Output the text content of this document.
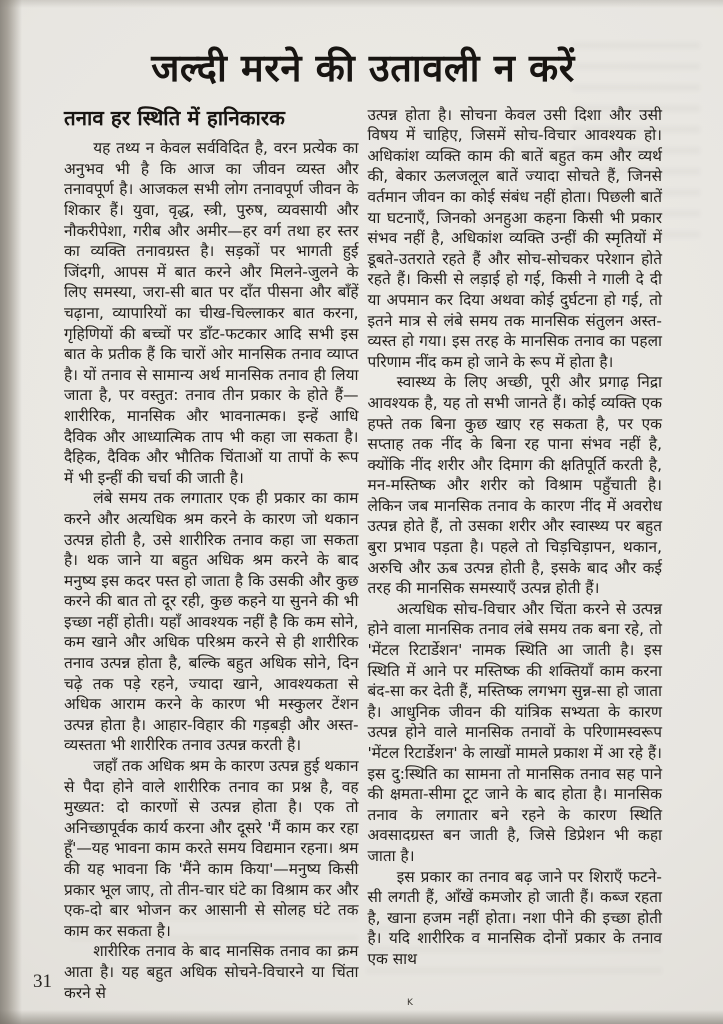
जल्दी मरने की उतावली न करें
तनाव हर स्थिति में हानिकारक

यह तथ्य न केवल सर्वविदित है, वरन प्रत्येक का अनुभव भी है कि आज का जीवन व्यस्त और तनावपूर्ण है। आजकल सभी लोग तनावपूर्ण जीवन के शिकार हैं। युवा, वृद्ध, स्त्री, पुरुष, व्यवसायी और नौकरीपेशा, गरीब और अमीर—हर वर्ग तथा हर स्तर का व्यक्ति तनावग्रस्त है। सड़कों पर भागती हुई जिंदगी, आपस में बात करने और मिलने-जुलने के लिए समस्या, जरा-सी बात पर दाँत पीसना और बाँहें चढ़ाना, व्यापारियों का चीख-चिल्लाकर बात करना, गृहिणियों की बच्चों पर डाँट-फटकार आदि सभी इस बात के प्रतीक हैं कि चारों ओर मानसिक तनाव व्याप्त है। यों तनाव से सामान्य अर्थ मानसिक तनाव ही लिया जाता है, पर वस्तुत: तनाव तीन प्रकार के होते हैं—शारीरिक, मानसिक और भावनात्मक। इन्हें आधि दैविक और आध्यात्मिक ताप भी कहा जा सकता है। दैहिक, दैविक और भौतिक चिंताओं या तापों के रूप में भी इन्हीं की चर्चा की जाती है।

लंबे समय तक लगातार एक ही प्रकार का काम करने और अत्यधिक श्रम करने के कारण जो थकान उत्पन्न होती है, उसे शारीरिक तनाव कहा जा सकता है। थक जाने या बहुत अधिक श्रम करने के बाद मनुष्य इस कदर पस्त हो जाता है कि उसकी और कुछ करने की बात तो दूर रही, कुछ कहने या सुनने की भी इच्छा नहीं होती। यहाँ आवश्यक नहीं है कि कम सोने, कम खाने और अधिक परिश्रम करने से ही शारीरिक तनाव उत्पन्न होता है, बल्कि बहुत अधिक सोने, दिन चढ़े तक पड़े रहने, ज्यादा खाने, आवश्यकता से अधिक आराम करने के कारण भी मस्कुलर टेंशन उत्पन्न होता है। आहार-विहार की गड़बड़ी और अस्त-व्यस्तता भी शारीरिक तनाव उत्पन्न करती है।

जहाँ तक अधिक श्रम के कारण उत्पन्न हुई थकान से पैदा होने वाले शारीरिक तनाव का प्रश्न है, वह मुख्यत: दो कारणों से उत्पन्न होता है। एक तो अनिच्छापूर्वक कार्य करना और दूसरे 'मैं काम कर रहा हूँ'—यह भावना काम करते समय विद्यमान रहना। श्रम की यह भावना कि 'मैंने काम किया'—मनुष्य किसी प्रकार भूल जाए, तो तीन-चार घंटे का विश्राम कर और एक-दो बार भोजन कर आसानी से सोलह घंटे तक काम कर सकता है।

शारीरिक तनाव के बाद मानसिक तनाव का क्रम आता है। यह बहुत अधिक सोचने-विचारने या चिंता करने से

उत्पन्न होता है। सोचना केवल उसी दिशा और उसी विषय में चाहिए, जिसमें सोच-विचार आवश्यक हो। अधिकांश व्यक्ति काम की बातें बहुत कम और व्यर्थ की, बेकार ऊलजलूल बातें ज्यादा सोचते हैं, जिनसे वर्तमान जीवन का कोई संबंध नहीं होता। पिछली बातें या घटनाएँ, जिनको अनहुआ कहना किसी भी प्रकार संभव नहीं है, अधिकांश व्यक्ति उन्हीं की स्मृतियों में डूबते-उतराते रहते हैं और सोच-सोचकर परेशान होते रहते हैं। किसी से लड़ाई हो गई, किसी ने गाली दे दी या अपमान कर दिया अथवा कोई दुर्घटना हो गई, तो इतने मात्र से लंबे समय तक मानसिक संतुलन अस्त-व्यस्त हो गया। इस तरह के मानसिक तनाव का पहला परिणाम नींद कम हो जाने के रूप में होता है।

स्वास्थ्य के लिए अच्छी, पूरी और प्रगाढ़ निद्रा आवश्यक है, यह तो सभी जानते हैं। कोई व्यक्ति एक हफ्ते तक बिना कुछ खाए रह सकता है, पर एक सप्ताह तक नींद के बिना रह पाना संभव नहीं है, क्योंकि नींद शरीर और दिमाग की क्षतिपूर्ति करती है, मन-मस्तिष्क और शरीर को विश्राम पहुँचाती है। लेकिन जब मानसिक तनाव के कारण नींद में अवरोध उत्पन्न होते हैं, तो उसका शरीर और स्वास्थ्य पर बहुत बुरा प्रभाव पड़ता है। पहले तो चिड़चिड़ापन, थकान, अरुचि और ऊब उत्पन्न होती है, इसके बाद और कई तरह की मानसिक समस्याएँ उत्पन्न होती हैं।

अत्यधिक सोच-विचार और चिंता करने से उत्पन्न होने वाला मानसिक तनाव लंबे समय तक बना रहे, तो 'मेंटल रिटार्डेशन' नामक स्थिति आ जाती है। इस स्थिति में आने पर मस्तिष्क की शक्तियाँ काम करना बंद-सा कर देती हैं, मस्तिष्क लगभग सुन्न-सा हो जाता है। आधुनिक जीवन की यांत्रिक सभ्यता के कारण उत्पन्न होने वाले मानसिक तनावों के परिणामस्वरूप 'मेंटल रिटार्डेशन' के लाखों मामले प्रकाश में आ रहे हैं। इस दु:स्थिति का सामना तो मानसिक तनाव सह पाने की क्षमता-सीमा टूट जाने के बाद होता है। मानसिक तनाव के लगातार बने रहने के कारण स्थिति अवसादग्रस्त बन जाती है, जिसे डिप्रेशन भी कहा जाता है।

इस प्रकार का तनाव बढ़ जाने पर शिराएँ फटने-सी लगती हैं, आँखें कमजोर हो जाती हैं। कब्ज रहता है, खाना हजम नहीं होता। नशा पीने की इच्छा होती है। यदि शारीरिक व मानसिक दोनों प्रकार के तनाव एक साथ

31
K
